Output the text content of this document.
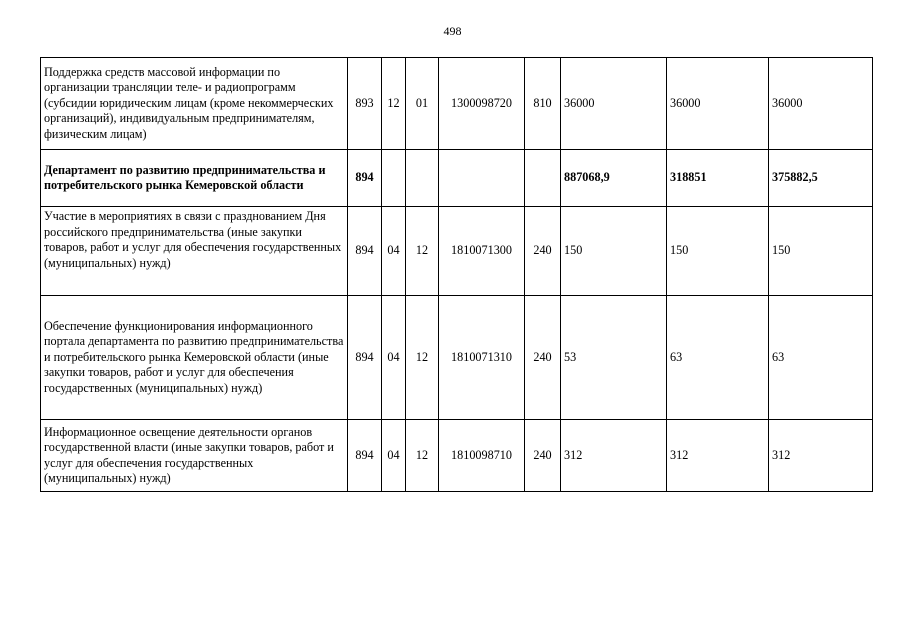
498
Поддержка средств массовой информации по организации трансляции теле- и радиопрограмм (субсидии юридическим лицам (кроме некоммерческих организаций), индивидуальным предпринимателям, физическим лицам)	893	12	01	1300098720	810	36000	36000	36000
Департамент по развитию предпринимательства и потребительского рынка Кемеровской области	894					887068,9	318851	375882,5
Участие в мероприятиях в связи с празднованием Дня российского предпринимательства (иные закупки товаров, работ и услуг для обеспечения государственных (муниципальных) нужд)	894	04	12	1810071300	240	150	150	150
Обеспечение функционирования информационного портала департамента по развитию предпринимательства и потребительского рынка Кемеровской области (иные закупки товаров, работ и услуг для обеспечения государственных (муниципальных) нужд)	894	04	12	1810071310	240	53	63	63
Информационное освещение деятельности органов государственной власти (иные закупки товаров, работ и услуг для обеспечения государственных (муниципальных) нужд)	894	04	12	1810098710	240	312	312	312
